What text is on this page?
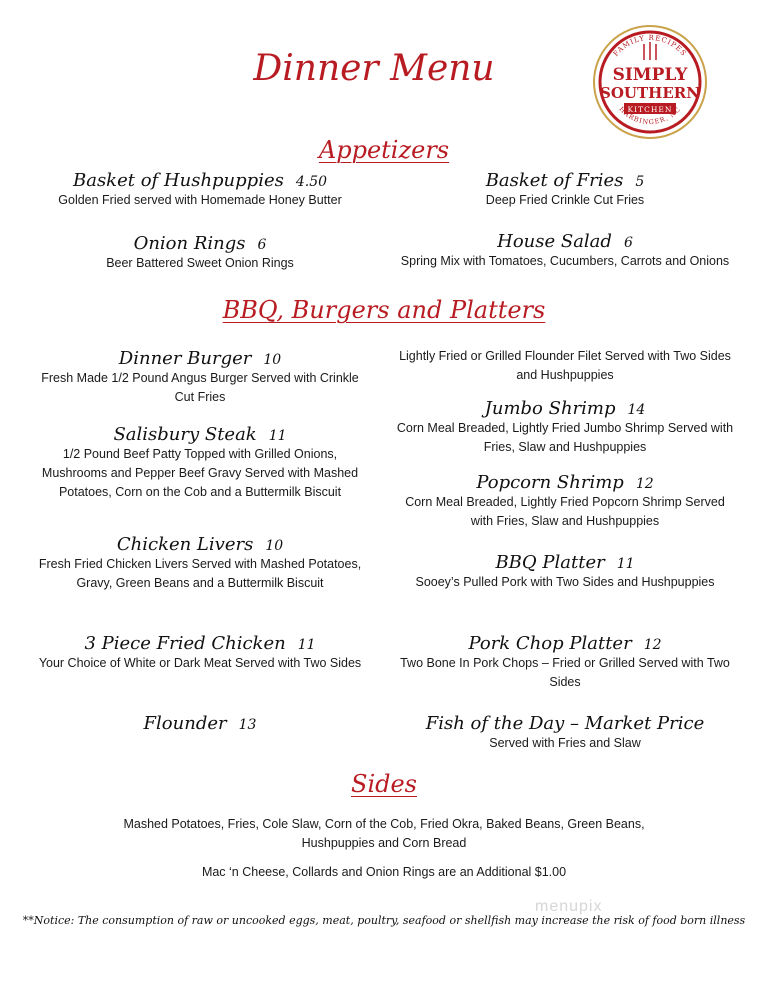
Dinner Menu	FAMILY RECIPES
SIMPLY
SOUTHERN
KITCHEN
HARBINGER, NC
Appetizers
Basket of Hushpuppies 4.50
Golden Fried served with Homemade Honey Butter
Basket of Fries 5
Deep Fried Crinkle Cut Fries
Onion Rings 6
Beer Battered Sweet Onion Rings
House Salad 6
Spring Mix with Tomatoes, Cucumbers, Carrots and Onions
BBQ, Burgers and Platters
Dinner Burger 10
Fresh Made 1/2 Pound Angus Burger Served with Crinkle Cut Fries
Salisbury Steak 11
1/2 Pound Beef Patty Topped with Grilled Onions, Mushrooms and Pepper Beef Gravy Served with Mashed Potatoes, Corn on the Cob and a Buttermilk Biscuit
Chicken Livers 10
Fresh Fried Chicken Livers Served with Mashed Potatoes, Gravy, Green Beans and a Buttermilk Biscuit
3 Piece Fried Chicken 11
Your Choice of White or Dark Meat Served with Two Sides
Flounder 13
Lightly Fried or Grilled Flounder Filet Served with Two Sides and Hushpuppies
Jumbo Shrimp 14
Corn Meal Breaded, Lightly Fried Jumbo Shrimp Served with Fries, Slaw and Hushpuppies
Popcorn Shrimp 12
Corn Meal Breaded, Lightly Fried Popcorn Shrimp Served with Fries, Slaw and Hushpuppies
BBQ Platter 11
Sooey’s Pulled Pork with Two Sides and Hushpuppies
Pork Chop Platter 12
Two Bone In Pork Chops – Fried or Grilled Served with Two Sides
Fish of the Day – Market Price
Served with Fries and Slaw
Sides
Mashed Potatoes, Fries, Cole Slaw, Corn of the Cob, Fried Okra, Baked Beans, Green Beans, Hushpuppies and Corn Bread
Mac ‘n Cheese, Collards and Onion Rings are an Additional $1.00
menupix
**Notice: The consumption of raw or uncooked eggs, meat, poultry, seafood or shellfish may increase the risk of food born illness
